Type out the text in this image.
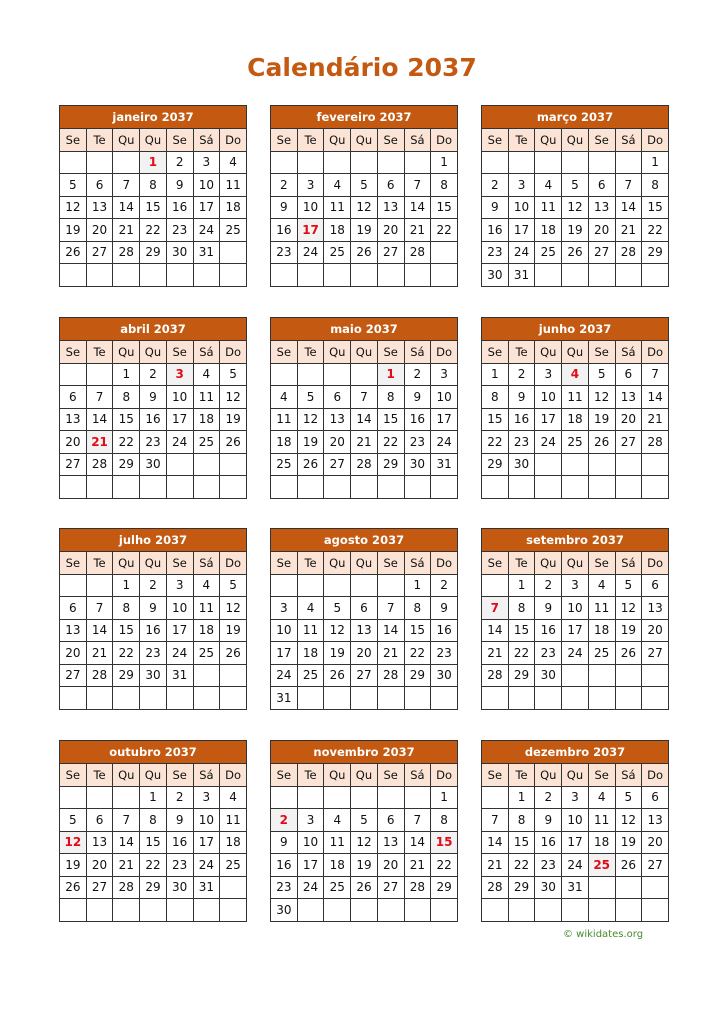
Calendário 2037
janeiro 2037
Se	Te	Qu	Qu	Se	Sá	Do
			1	2	3	4
5	6	7	8	9	10	11
12	13	14	15	16	17	18
19	20	21	22	23	24	25
26	27	28	29	30	31	

fevereiro 2037
Se	Te	Qu	Qu	Se	Sá	Do
						1
2	3	4	5	6	7	8
9	10	11	12	13	14	15
16	17	18	19	20	21	22
23	24	25	26	27	28	

março 2037
Se	Te	Qu	Qu	Se	Sá	Do
						1
2	3	4	5	6	7	8
9	10	11	12	13	14	15
16	17	18	19	20	21	22
23	24	25	26	27	28	29
30	31					
abril 2037
Se	Te	Qu	Qu	Se	Sá	Do
		1	2	3	4	5
6	7	8	9	10	11	12
13	14	15	16	17	18	19
20	21	22	23	24	25	26
27	28	29	30			

maio 2037
Se	Te	Qu	Qu	Se	Sá	Do
				1	2	3
4	5	6	7	8	9	10
11	12	13	14	15	16	17
18	19	20	21	22	23	24
25	26	27	28	29	30	31

junho 2037
Se	Te	Qu	Qu	Se	Sá	Do
1	2	3	4	5	6	7
8	9	10	11	12	13	14
15	16	17	18	19	20	21
22	23	24	25	26	27	28
29	30					

julho 2037
Se	Te	Qu	Qu	Se	Sá	Do
		1	2	3	4	5
6	7	8	9	10	11	12
13	14	15	16	17	18	19
20	21	22	23	24	25	26
27	28	29	30	31		

agosto 2037
Se	Te	Qu	Qu	Se	Sá	Do
					1	2
3	4	5	6	7	8	9
10	11	12	13	14	15	16
17	18	19	20	21	22	23
24	25	26	27	28	29	30
31						
setembro 2037
Se	Te	Qu	Qu	Se	Sá	Do
	1	2	3	4	5	6
7	8	9	10	11	12	13
14	15	16	17	18	19	20
21	22	23	24	25	26	27
28	29	30				

outubro 2037
Se	Te	Qu	Qu	Se	Sá	Do
			1	2	3	4
5	6	7	8	9	10	11
12	13	14	15	16	17	18
19	20	21	22	23	24	25
26	27	28	29	30	31	

novembro 2037
Se	Te	Qu	Qu	Se	Sá	Do
						1
2	3	4	5	6	7	8
9	10	11	12	13	14	15
16	17	18	19	20	21	22
23	24	25	26	27	28	29
30						
dezembro 2037
Se	Te	Qu	Qu	Se	Sá	Do
	1	2	3	4	5	6
7	8	9	10	11	12	13
14	15	16	17	18	19	20
21	22	23	24	25	26	27
28	29	30	31			

© wikidates.org
